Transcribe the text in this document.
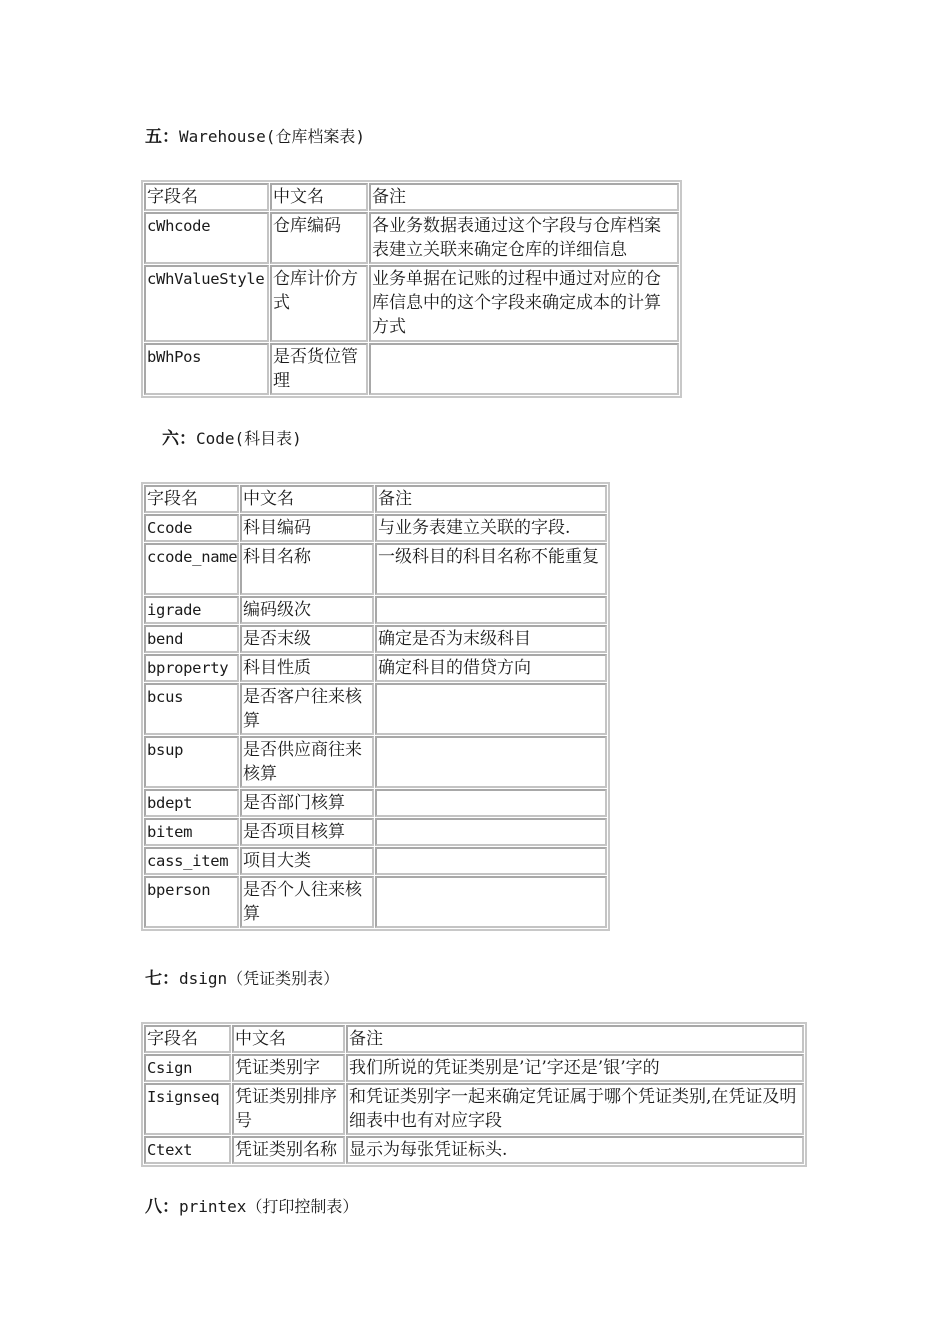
五：Warehouse(仓库档案表)
字段名	中文名	备注
cWhcode	仓库编码	各业务数据表通过这个字段与仓库档案表建立关联来确定仓库的详细信息
cWhValueStyle	仓库计价方式	业务单据在记账的过程中通过对应的仓库信息中的这个字段来确定成本的计算方式
bWhPos	是否货位管理	
六：Code(科目表)
字段名	中文名	备注
Ccode	科目编码	与业务表建立关联的字段.
ccode_name	科目名称	一级科目的科目名称不能重复
igrade	编码级次	
bend	是否末级	确定是否为末级科目
bproperty	科目性质	确定科目的借贷方向
bcus	是否客户往来核算	
bsup	是否供应商往来核算	
bdept	是否部门核算	
bitem	是否项目核算	
cass_item	项目大类	
bperson	是否个人往来核算	
七：dsign（凭证类别表）
字段名	中文名	备注
Csign	凭证类别字	我们所说的凭证类别是’记’字还是’银’字的
Isignseq	凭证类别排序号	和凭证类别字一起来确定凭证属于哪个凭证类别,在凭证及明细表中也有对应字段
Ctext	凭证类别名称	显示为每张凭证标头.
八：printex（打印控制表）
